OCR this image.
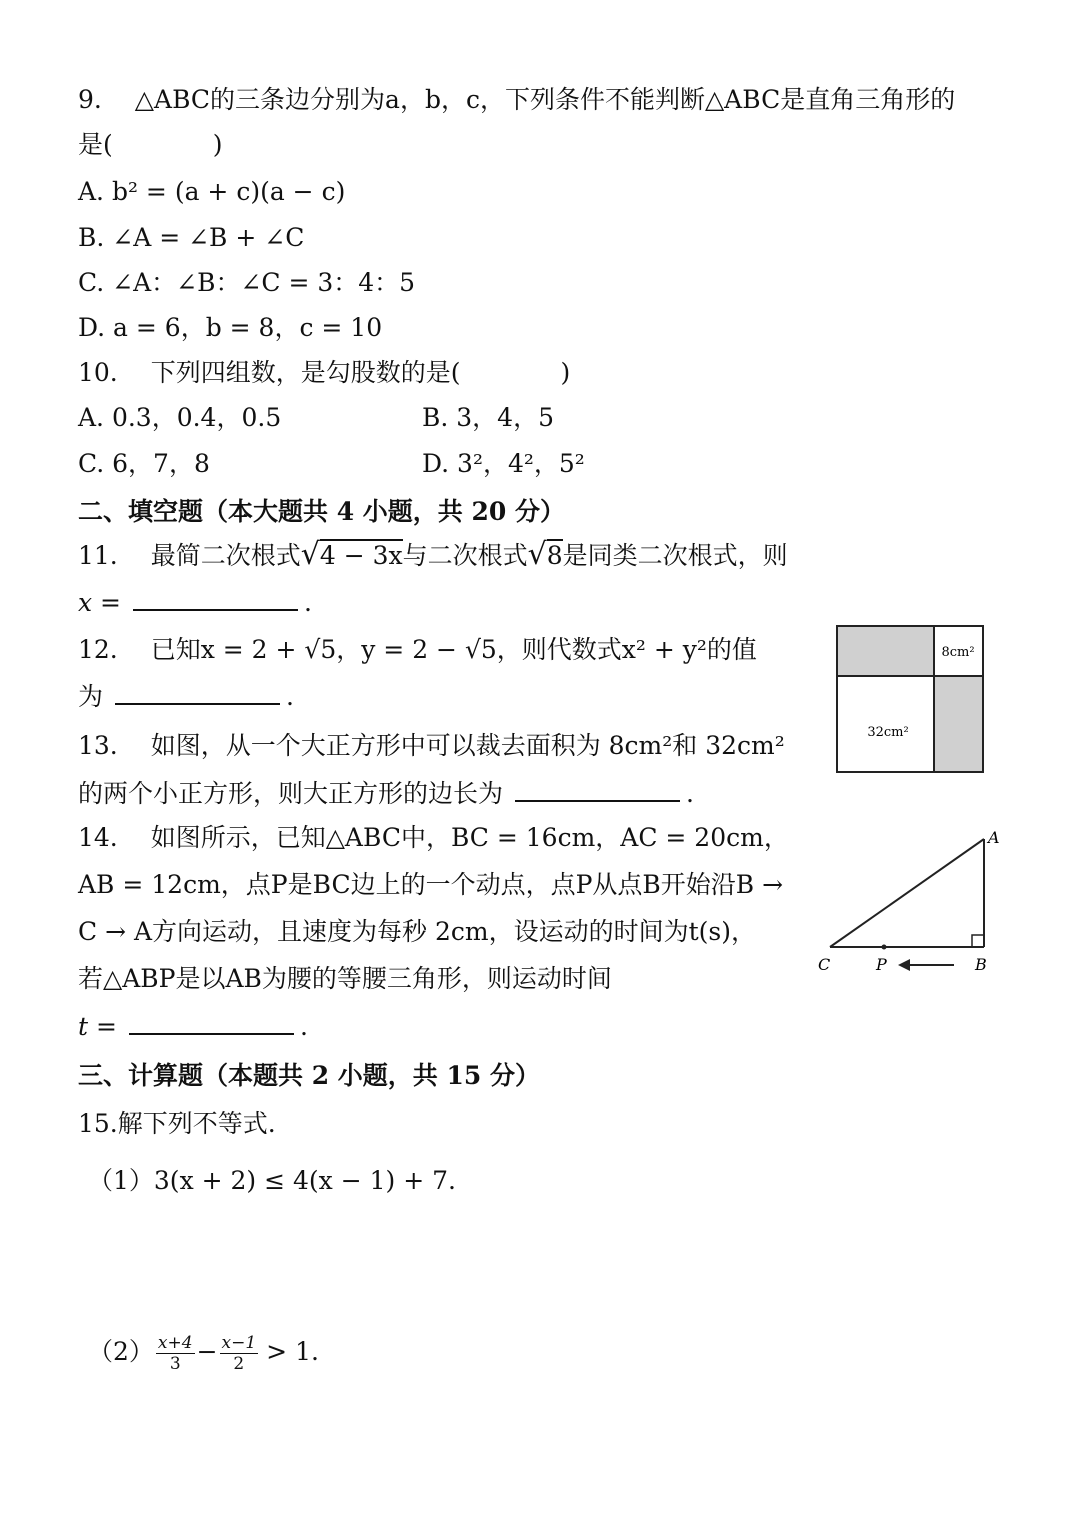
9.　 △ABC的三条边分别为a，b，c，下列条件不能判断△ABC是直角三角形的
是(　　　　)
A. b² = (a + c)(a − c)
B. ∠A = ∠B + ∠C
C. ∠A：∠B：∠C = 3：4：5
D. a = 6，b = 8，c = 10
10.　 下列四组数，是勾股数的是(　　　　)
A. 0.3，0.4，0.5	B. 3，4，5
C. 6，7，8	D. 3²，4²，5²
二、填空题（本大题共 4 小题，共 20 分）
11.　 最简二次根式√4 − 3x与二次根式√8是同类二次根式，则
x =	.
12.　 已知x = 2 + √5，y = 2 − √5，则代数式x² + y²的值
为	.
8cm²
32cm²
13.　 如图，从一个大正方形中可以裁去面积为 8cm²和 32cm²
的两个小正方形，则大正方形的边长为	.
14.　 如图所示，已知△ABC中，BC = 16cm，AC = 20cm，
AB = 12cm，点P是BC边上的一个动点，点P从点B开始沿B →
C → A方向运动，且速度为每秒 2cm，设运动的时间为t(s)，
若△ABP是以AB为腰的等腰三角形，则运动时间
t =	.
A
B
C	P
三、计算题（本题共 2 小题，共 15 分）
15.解下列不等式.
（1）3(x + 2) ≤ 4(x − 1) + 7.
$(2) \frac{x+4}{3} - \frac{x-1}{2} > 1$.
